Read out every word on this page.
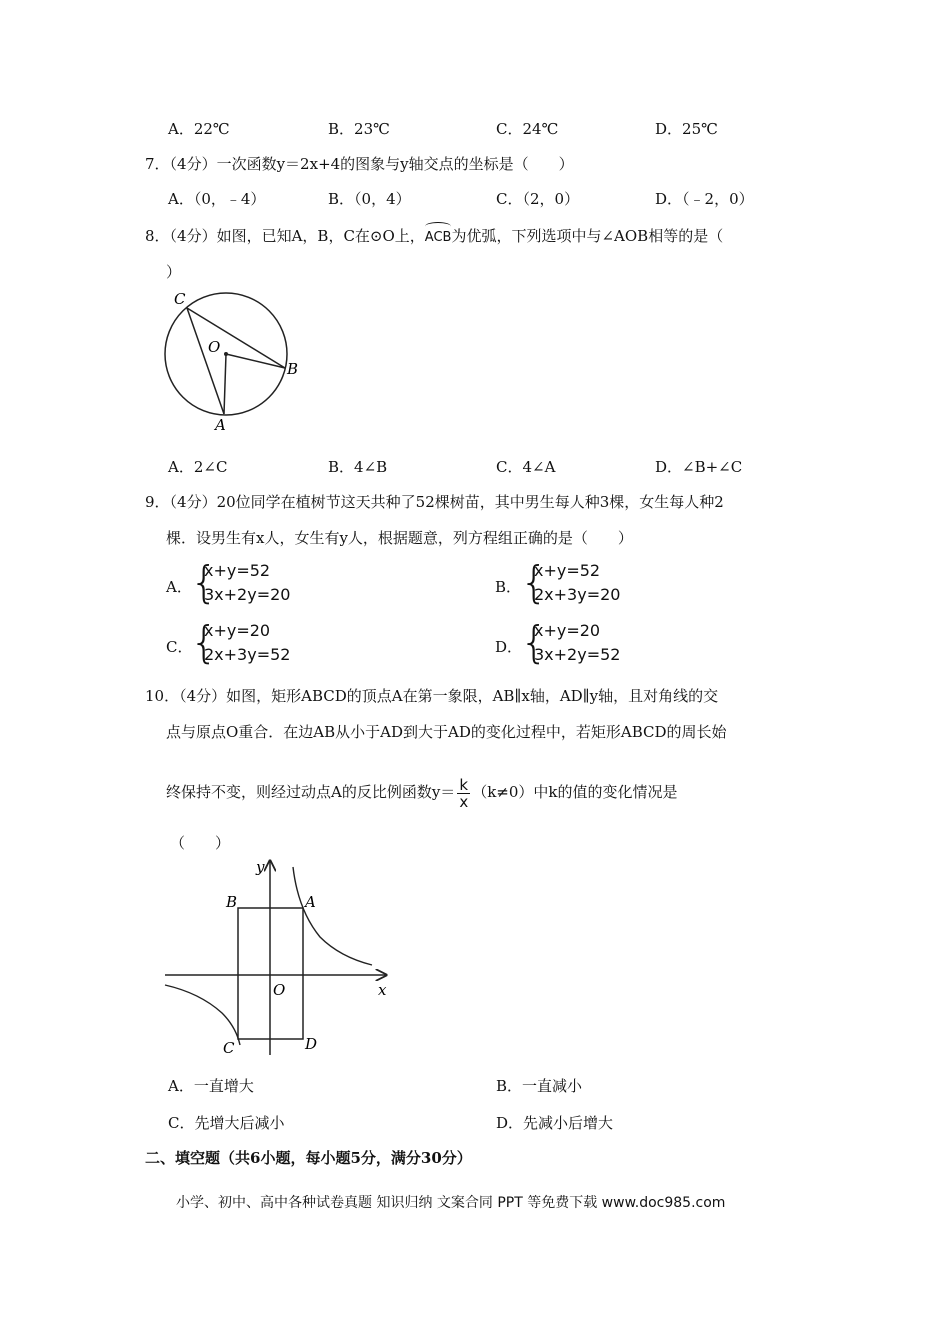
A．22℃	B．23℃	C．24℃	D．25℃
7．（4分）一次函数y＝2x+4的图象与y轴交点的坐标是（　　）
A．（0，﹣4）	B．（0，4）	C．（2，0）	D．（﹣2，0）
8．（4分）如图，已知A，B，C在⊙O上，ACB为优弧，下列选项中与∠AOB相等的是（
）
C
O
B
A
A．2∠C	B．4∠B	C．4∠A	D．∠B+∠C
9．（4分）20位同学在植树节这天共种了52棵树苗，其中男生每人种3棵，女生每人种2
棵．设男生有x人，女生有y人，根据题意，列方程组正确的是（　　）
A．
{
x+y=52
3x+2y=20	B．
{
x+y=52
2x+3y=20
C．
{
x+y=20
2x+3y=52	D．
{
x+y=20
3x+2y=52
10．（4分）如图，矩形ABCD的顶点A在第一象限，AB∥x轴，AD∥y轴，且对角线的交
点与原点O重合．在边AB从小于AD到大于AD的变化过程中，若矩形ABCD的周长始
终保持不变，则经过动点A的反比例函数$y= \frac{k}{x} (k\ne 0)$中k的值的变化情况是
（　　）
y
x
B	A
O
C	D
A．一直增大	B．一直减小
C．先增大后减小	D．先减小后增大
二、填空题（共6小题，每小题5分，满分30分）
小学、初中、高中各种试卷真题 知识归纳 文案合同 PPT 等免费下载 www.doc985.com
